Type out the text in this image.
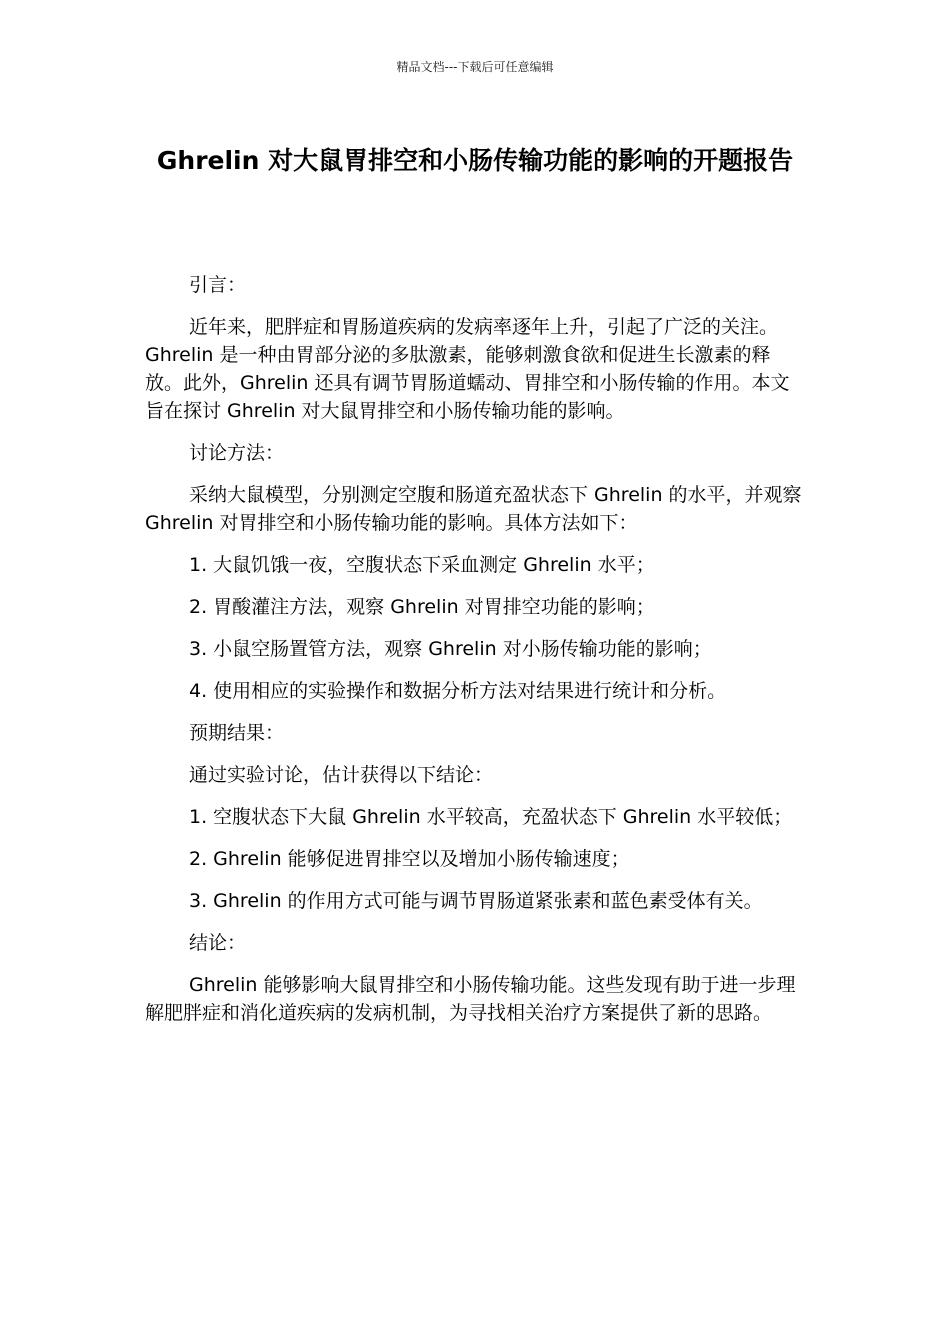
精品文档---下载后可任意编辑
Ghrelin 对大鼠胃排空和小肠传输功能的影响的开题报告

引言：

近年来，肥胖症和胃肠道疾病的发病率逐年上升，引起了广泛的关注。Ghrelin 是一种由胃部分泌的多肽激素，能够刺激食欲和促进生长激素的释放。此外，Ghrelin 还具有调节胃肠道蠕动、胃排空和小肠传输的作用。本文旨在探讨 Ghrelin 对大鼠胃排空和小肠传输功能的影响。

讨论方法：

采纳大鼠模型，分别测定空腹和肠道充盈状态下 Ghrelin 的水平，并观察 Ghrelin 对胃排空和小肠传输功能的影响。具体方法如下：

1. 大鼠饥饿一夜，空腹状态下采血测定 Ghrelin 水平；

2. 胃酸灌注方法，观察 Ghrelin 对胃排空功能的影响；

3. 小鼠空肠置管方法，观察 Ghrelin 对小肠传输功能的影响；

4. 使用相应的实验操作和数据分析方法对结果进行统计和分析。

预期结果：

通过实验讨论，估计获得以下结论：

1. 空腹状态下大鼠 Ghrelin 水平较高，充盈状态下 Ghrelin 水平较低；

2. Ghrelin 能够促进胃排空以及增加小肠传输速度；

3. Ghrelin 的作用方式可能与调节胃肠道紧张素和蓝色素受体有关。

结论：

Ghrelin 能够影响大鼠胃排空和小肠传输功能。这些发现有助于进一步理解肥胖症和消化道疾病的发病机制，为寻找相关治疗方案提供了新的思路。
